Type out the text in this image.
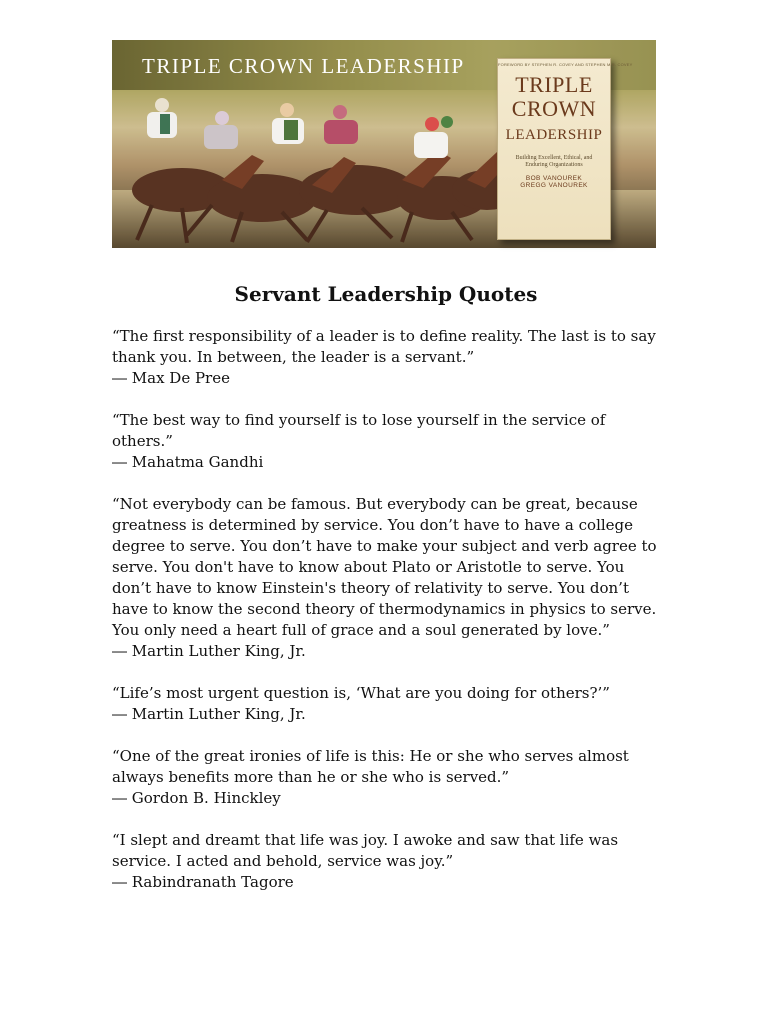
TRIPLE CROWN LEADERSHIP	FOREWORD BY STEPHEN R. COVEY AND STEPHEN M.R. COVEY
TRIPLE
CROWN
LEADERSHIP
Building Excellent, Ethical, and Enduring Organizations
BOB VANOUREK
GREGG VANOUREK
Servant Leadership Quotes

“The first responsibility of a leader is to define reality. The last is to say thank you. In between, the leader is a servant.”

― Max De Pree

“The best way to find yourself is to lose yourself in the service of others.”

― Mahatma Gandhi

“Not everybody can be famous. But everybody can be great, because greatness is determined by service. You don’t have to have a college degree to serve. You don’t have to make your subject and verb agree to serve. You don't have to know about Plato or Aristotle to serve. You don’t have to know Einstein's theory of relativity to serve. You don’t have to know the second theory of thermodynamics in physics to serve. You only need a heart full of grace and a soul generated by love.”

― Martin Luther King, Jr.

“Life’s most urgent question is, ‘What are you doing for others?’”

― Martin Luther King, Jr.

“One of the great ironies of life is this: He or she who serves almost always benefits more than he or she who is served.”

― Gordon B. Hinckley

“I slept and dreamt that life was joy. I awoke and saw that life was service. I acted and behold, service was joy.”

― Rabindranath Tagore
